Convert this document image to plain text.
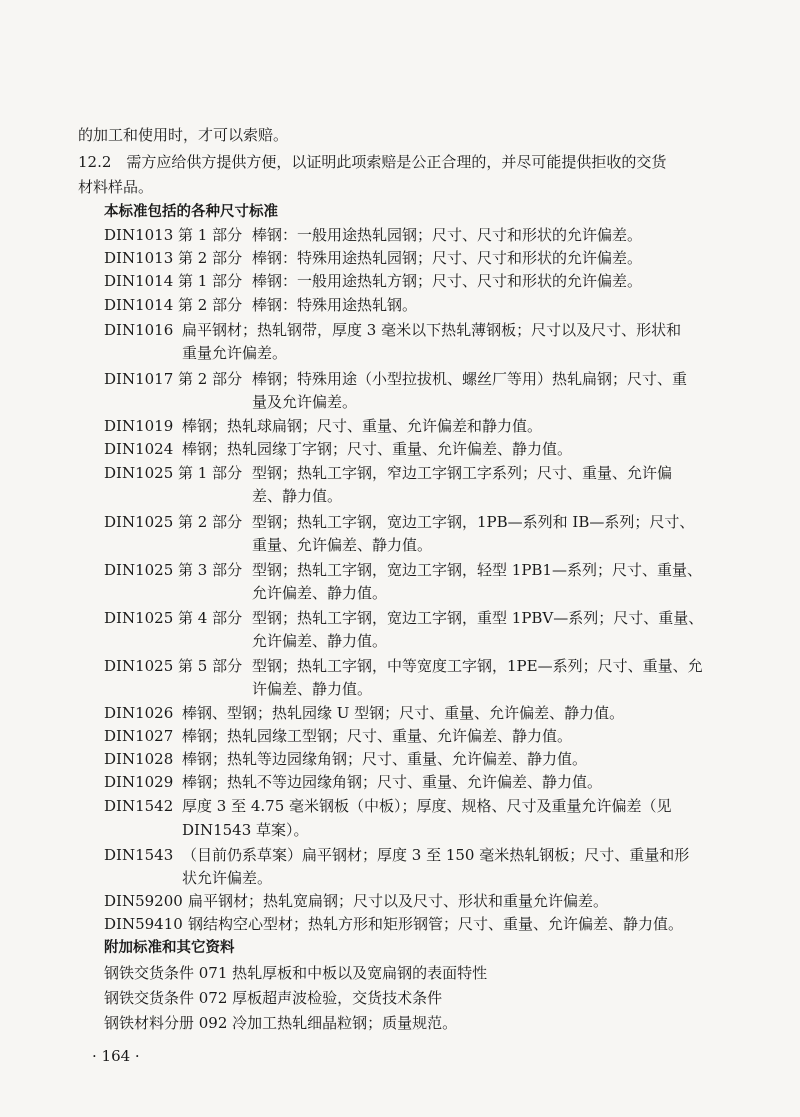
的加工和使用时，才可以索赔。
12.2　需方应给供方提供方便，以证明此项索赔是公正合理的，并尽可能提供拒收的交货
材料样品。
本标准包括的各种尺寸标准
DIN1013 第 1 部分 棒钢：一般用途热轧园钢；尺寸、尺寸和形状的允许偏差。
DIN1013 第 2 部分 棒钢：特殊用途热轧园钢；尺寸、尺寸和形状的允许偏差。
DIN1014 第 1 部分 棒钢：一般用途热轧方钢；尺寸、尺寸和形状的允许偏差。
DIN1014 第 2 部分 棒钢：特殊用途热轧钢。
DIN1016 扁平钢材；热轧钢带，厚度 3 毫米以下热轧薄钢板；尺寸以及尺寸、形状和
重量允许偏差。
DIN1017 第 2 部分 棒钢；特殊用途（小型拉拔机、螺丝厂等用）热轧扁钢；尺寸、重
量及允许偏差。
DIN1019 棒钢；热轧球扁钢；尺寸、重量、允许偏差和静力值。
DIN1024 棒钢；热轧园缘丁字钢；尺寸、重量、允许偏差、静力值。
DIN1025 第 1 部分 型钢；热轧工字钢，窄边工字钢工字系列；尺寸、重量、允许偏
差、静力值。
DIN1025 第 2 部分 型钢；热轧工字钢，宽边工字钢，1PB—系列和 IB—系列；尺寸、
重量、允许偏差、静力值。
DIN1025 第 3 部分 型钢；热轧工字钢，宽边工字钢，轻型 1PB1—系列；尺寸、重量、
允许偏差、静力值。
DIN1025 第 4 部分 型钢；热轧工字钢，宽边工字钢，重型 1PBV—系列；尺寸、重量、
允许偏差、静力值。
DIN1025 第 5 部分 型钢；热轧工字钢，中等宽度工字钢，1PE—系列；尺寸、重量、允
许偏差、静力值。
DIN1026 棒钢、型钢；热轧园缘 U 型钢；尺寸、重量、允许偏差、静力值。
DIN1027 棒钢；热轧园缘工型钢；尺寸、重量、允许偏差、静力值。
DIN1028 棒钢；热轧等边园缘角钢；尺寸、重量、允许偏差、静力值。
DIN1029 棒钢；热轧不等边园缘角钢；尺寸、重量、允许偏差、静力值。
DIN1542 厚度 3 至 4.75 毫米钢板（中板）；厚度、规格、尺寸及重量允许偏差（见
DIN1543 草案）。
DIN1543 （目前仍系草案）扁平钢材；厚度 3 至 150 毫米热轧钢板；尺寸、重量和形
状允许偏差。
DIN59200 扁平钢材；热轧宽扁钢；尺寸以及尺寸、形状和重量允许偏差。
DIN59410 钢结构空心型材；热轧方形和矩形钢管；尺寸、重量、允许偏差、静力值。
附加标准和其它资料
钢铁交货条件 071 热轧厚板和中板以及宽扁钢的表面特性
钢铁交货条件 072 厚板超声波检验，交货技术条件
钢铁材料分册 092 冷加工热轧细晶粒钢；质量规范。
· 164 ·
